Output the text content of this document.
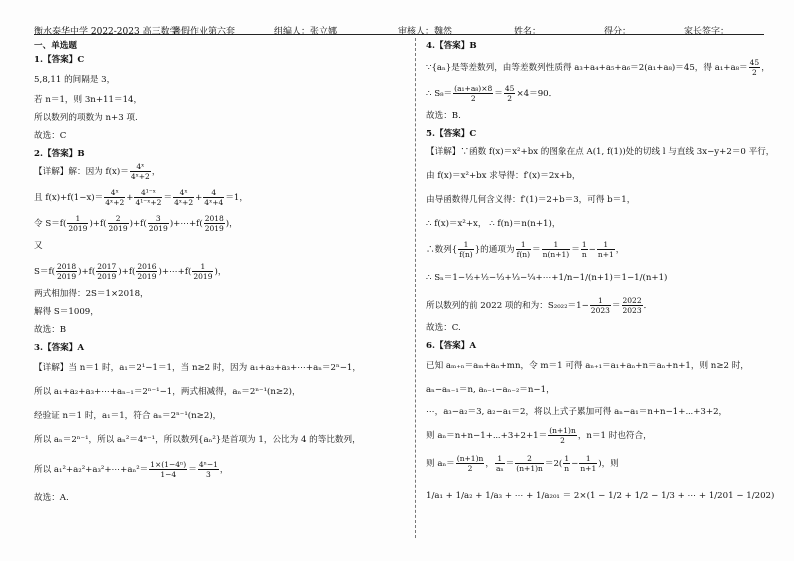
衡水泰华中学 2022-2023 高三数学
暑假作业第六套	组编人：张立娜	审核人：魏然	姓名：	得分：	家长签字：
一、单选题
1.【答案】C
5,8,11 的间隔是 3，
若 n＝1，则 3n+11＝14，
所以数列的项数为 n+3 项.
故选：C
2.【答案】B
【详解】解：因为 $f(x)= \frac{\text{4ˣ}}{\text{4ˣ+2}}$ ，
且 $f(x)+f(1-x)= \frac{\text{4ˣ}}{\text{4ˣ+2}} + \frac{\text{4¹⁻ˣ}}{\text{4¹⁻ˣ+2}} = \frac{\text{4ˣ}}{\text{4ˣ+2}} + \frac{4}{\text{4ˣ+4}} =1$，
令 $S=f( \frac{1}{2019} )+f( \frac{2}{2019} )+f( \frac{3}{2019}$ )+⋯+f( $\frac{2018}{2019}$ )，
又
$S=f( \frac{2018}{2019} )+f( \frac{2017}{2019} )+f( \frac{2016}{2019}$ )+⋯+f( $\frac{1}{2019}$ )，
两式相加得：2S＝1×2018，
解得 S＝1009，
故选：B
3.【答案】A
【详解】当 n＝1 时，a₁＝2¹−1＝1，当 n≥2 时，因为 a₁+a₂+a₃+⋯+aₙ＝2ⁿ−1，
所以 a₁+a₂+a₃+⋯+aₙ₋₁＝2ⁿ⁻¹−1，两式相减得，aₙ＝2ⁿ⁻¹(n≥2)，
经验证 n＝1 时，a₁＝1，符合 aₙ＝2ⁿ⁻¹(n≥2)，
所以 aₙ＝2ⁿ⁻¹，所以 aₙ²＝4ⁿ⁻¹，所以数列{aₙ²}是首项为 1，公比为 4 的等比数列，
所以 a₁²+a₂²+a₃²+⋯+aₙ²＝ $\frac{\text{1×(1−4ⁿ)}}{1-4} = \frac{\text{4ⁿ−1}}{3}$ ，
故选：A.
4.【答案】B
∵{aₙ}是等差数列，由等差数列性质得 a₃+a₄+a₅+a₆＝2(a₁+a₈)＝45，得 $a_1+a_8= \frac{45}{2}$ ，
∴ $S_8= \frac{\text{(a₁+a₈)×8}}{2} = \frac{45}{2} \times 4=90$．
故选：B.
5.【答案】C
【详解】∵函数 f(x)＝x²+bx 的图象在点 A(1, f(1))处的切线 l 与直线 3x−y+2＝0 平行，
由 f(x)＝x²+bx 求导得：f′(x)＝2x+b，
由导函数得几何含义得：f′(1)＝2+b＝3，可得 b＝1，
∴ f(x)＝x²+x， ∴ f(n)＝n(n+1)，
∴数列{ $\frac{1}{f(n)}$ }的通项为 $\frac{1}{f(n)} = \frac{1}{n(n+1)} = \frac{1}{n} - \frac{1}{n+1}$ ，
∴ Sₙ＝1−½+½−⅓+⅓−¼+⋯+1/n−1/(n+1)＝1−1/(n+1)
所以数列的前 2022 项的和为：$S_{2022}=1- \frac{1}{2023} = \frac{2022}{2023}$ ．
故选：C.
6.【答案】A
已知 aₘ₊ₙ＝aₘ+aₙ+mn，令 m＝1 可得 aₙ₊₁＝a₁+aₙ+n＝aₙ+n+1，则 n≥2 时，
aₙ−aₙ₋₁＝n, aₙ₋₁−aₙ₋₂＝n−1，
⋯，a₃−a₂＝3, a₂−a₁＝2，将以上式子累加可得 aₙ−a₁＝n+n−1+⋯+3+2，
则 aₙ＝n+n−1+⋯+3+2+1＝ $\frac{(n+1)n}{2}$ ，n＝1 时也符合，
则 $a_n= \frac{(n+1)n}{2}$ ， $\frac{1}{\text{aₙ}} = \frac{2}{(n+1)n} =2( \frac{1}{n} - \frac{1}{n+1}$ )，则
1/a₁ + 1/a₂ + 1/a₃ + ⋯ + 1/a₂₀₁ ＝ 2×(1 − 1/2 + 1/2 − 1/3 + ⋯ + 1/201 − 1/202)
